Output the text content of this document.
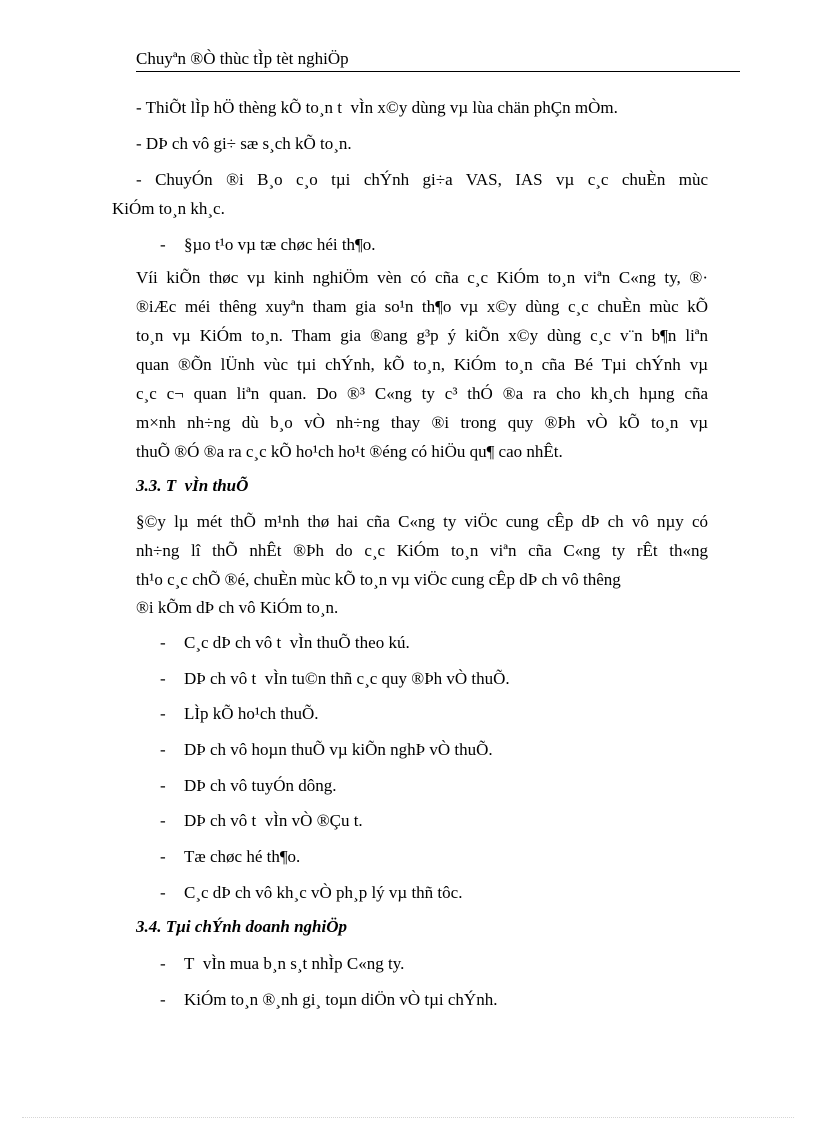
Chuyªn ®Ò thùc tÌp tèt nghiÖp
- ThiÕt lÌp hÖ thèng kÕ to¸n t  vÌn x©y dùng vµ lùa chän phÇn mÒm.
- DÞ ch vô gi÷ sæ s¸ch kÕ to¸n.
- ChuyÓn ®i B¸o c¸o tµi chÝnh gi÷a VAS, IAS vµ c¸c chuÈn mùc
KiÓm to¸n kh¸c.
- §µo t¹o vµ tæ chøc héi th¶o.
Víi kiÕn thøc vµ kinh nghiÖm vèn có cña c¸c KiÓm to¸n viªn C«ng ty, ®·
®iÆc méi thêng xuyªn tham gia so¹n th¶o vµ x©y dùng c¸c chuÈn mùc kÕ
to¸n vµ KiÓm to¸n. Tham gia ®ang g³p ý kiÕn x©y dùng c¸c v¨n b¶n liªn
quan ®Õn lÜnh vùc tµi chÝnh, kÕ to¸n, KiÓm to¸n cña Bé Tµi chÝnh vµ
c¸c c¬ quan liªn quan. Do ®³ C«ng ty c³ thÓ ®a ra cho kh¸ch hµng cña
m×nh nh÷ng dù b¸o vÒ nh÷ng thay ®i trong quy ®Þh vÒ kÕ to¸n vµ
thuÕ ®Ó ®a ra c¸c kÕ ho¹ch ho¹t ®éng có hiÖu qu¶ cao nhÊt.
3.3. T  vÌn thuÕ
§©y lµ mét thÕ m¹nh thø hai cña C«ng ty viÖc cung cÊp dÞ ch vô nµy có
nh÷ng lî thÕ nhÊt ®Þh do c¸c KiÓm to¸n viªn cña C«ng ty rÊt th«ng
th¹o c¸c chÕ ®é, chuÈn mùc kÕ to¸n vµ viÖc cung cÊp dÞ ch vô thêng
®i kÕm dÞ ch vô KiÓm to¸n.
- C¸c dÞ ch vô t  vÌn thuÕ theo kú.
- DÞ ch vô t  vÌn tu©n thñ c¸c quy ®Þh vÒ thuÕ.
- LÌp kÕ ho¹ch thuÕ.
- DÞ ch vô hoµn thuÕ vµ kiÕn nghÞ vÒ thuÕ.
- DÞ ch vô tuyÓn dông.
- DÞ ch vô t  vÌn vÒ ®Çu t.
- Tæ chøc hé th¶o.
- C¸c dÞ ch vô kh¸c vÒ ph¸p lý vµ thñ tôc.
3.4. Tµi chÝnh doanh nghiÖp
- T  vÌn mua b¸n s¸t nhÌp C«ng ty.
- KiÓm to¸n ®¸nh gi¸ toµn diÖn vÒ tµi chÝnh.
